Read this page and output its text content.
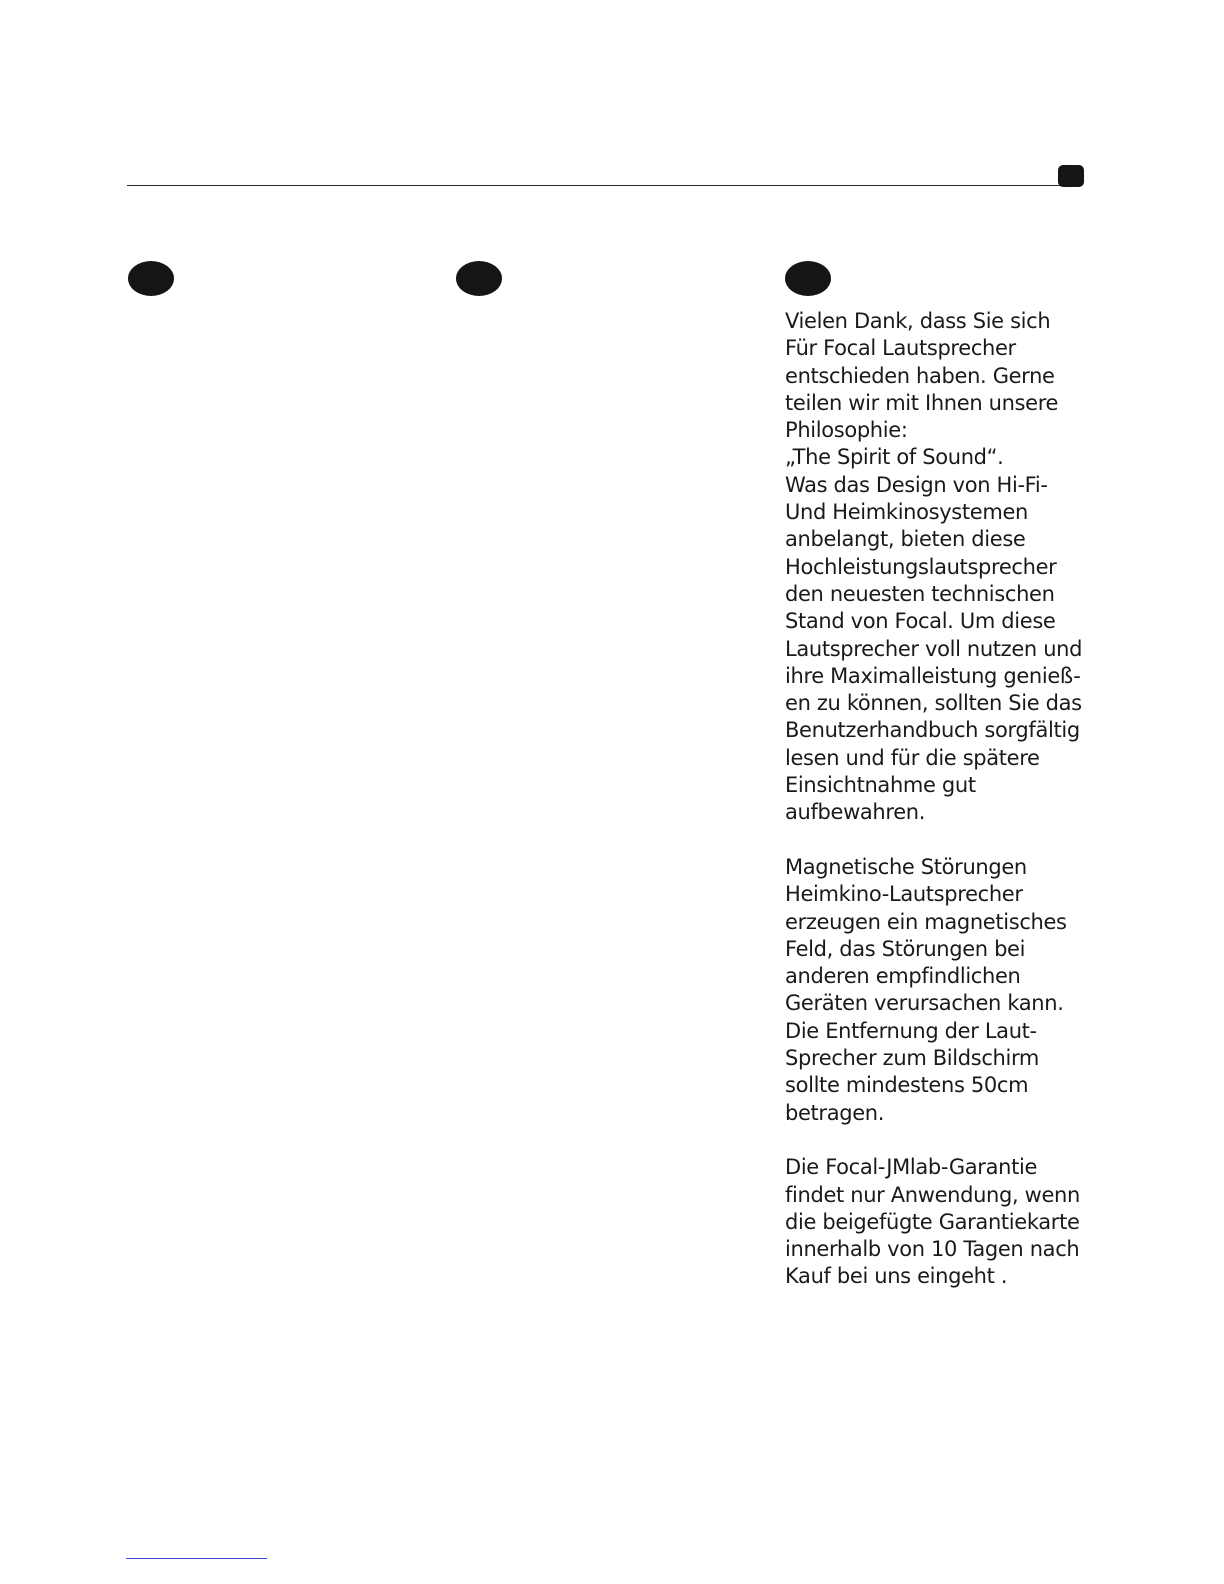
Vielen Dank, dass Sie sich
Für Focal Lautsprecher
entschieden haben. Gerne
teilen wir mit Ihnen unsere
Philosophie:
„The Spirit of Sound“.
Was das Design von Hi-Fi-
Und Heimkinosystemen
anbelangt, bieten diese
Hochleistungslautsprecher
den neuesten technischen
Stand von Focal. Um diese
Lautsprecher voll nutzen und
ihre Maximalleistung genieß-
en zu können, sollten Sie das
Benutzerhandbuch sorgfältig
lesen und für die spätere
Einsichtnahme gut
aufbewahren.

Magnetische Störungen
Heimkino-Lautsprecher
erzeugen ein magnetisches
Feld, das Störungen bei
anderen empfindlichen
Geräten verursachen kann.
Die Entfernung der Laut-
Sprecher zum Bildschirm
sollte mindestens 50cm
betragen.

Die Focal-JMlab-Garantie
findet nur Anwendung, wenn
die beigefügte Garantiekarte
innerhalb von 10 Tagen nach
Kauf bei uns eingeht .
